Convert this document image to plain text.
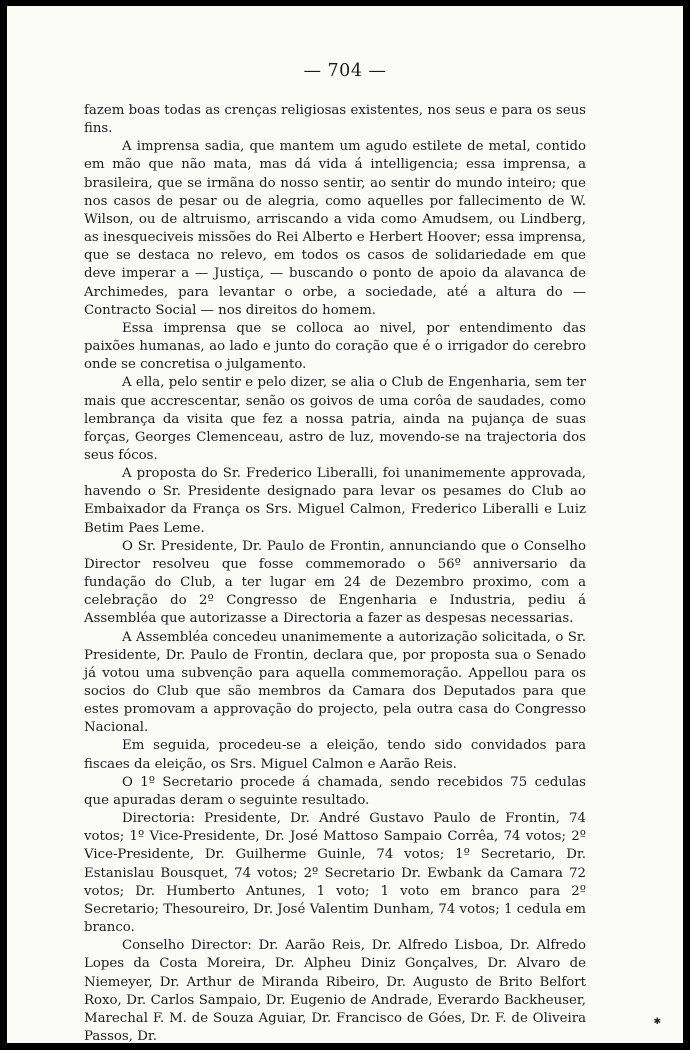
— 704 —

fazem boas todas as crenças religiosas existentes, nos seus e para os seus fins.

A imprensa sadia, que mantem um agudo estilete de metal, contido em mão que não mata, mas dá vida á intelligencia; essa imprensa, a brasileira, que se irmãna do nosso sentir, ao sentir do mundo inteiro; que nos casos de pesar ou de alegria, como aquelles por fallecimento de W. Wilson, ou de altruismo, arriscando a vida como Amudsem, ou Lindberg, as inesqueciveis missões do Rei Alberto e Herbert Hoover; essa imprensa, que se destaca no relevo, em todos os casos de solidariedade em que deve imperar a — Justiça, — buscando o ponto de apoio da alavanca de Archimedes, para levantar o orbe, a sociedade, até a altura do — Contracto Social — nos direitos do homem.

Essa imprensa que se colloca ao nivel, por entendimento das paixões humanas, ao lado e junto do coração que é o irrigador do cerebro onde se concretisa o julgamento.

A ella, pelo sentir e pelo dizer, se alia o Club de Engenharia, sem ter mais que accrescentar, senão os goivos de uma corôa de saudades, como lembrança da visita que fez a nossa patria, ainda na pujança de suas forças, Georges Clemenceau, astro de luz, movendo-se na trajectoria dos seus fócos.

A proposta do Sr. Frederico Liberalli, foi unanimemente approvada, havendo o Sr. Presidente designado para levar os pesames do Club ao Embaixador da França os Srs. Miguel Calmon, Frederico Liberalli e Luiz Betim Paes Leme.

O Sr. Presidente, Dr. Paulo de Frontin, annunciando que o Conselho Director resolveu que fosse commemorado o 56º anniversario da fundação do Club, a ter lugar em 24 de Dezembro proximo, com a celebração do 2º Congresso de Engenharia e Industria, pediu á Assembléa que autorizasse a Directoria a fazer as despesas necessarias.

A Assembléa concedeu unanimemente a autorização solicitada, o Sr. Presidente, Dr. Paulo de Frontin, declara que, por proposta sua o Senado já votou uma subvenção para aquella commemoração. Appellou para os socios do Club que são membros da Camara dos Deputados para que estes promovam a approvação do projecto, pela outra casa do Congresso Nacional.

Em seguida, procedeu-se a eleição, tendo sido convidados para fiscaes da eleição, os Srs. Miguel Calmon e Aarão Reis.

O 1º Secretario procede á chamada, sendo recebidos 75 cedulas que apuradas deram o seguinte resultado.

Directoria: Presidente, Dr. André Gustavo Paulo de Frontin, 74 votos; 1º Vice-Presidente, Dr. José Mattoso Sampaio Corrêa, 74 votos; 2º Vice-Presidente, Dr. Guilherme Guinle, 74 votos; 1º Secretario, Dr. Estanislau Bousquet, 74 votos; 2º Secretario Dr. Ewbank da Camara 72 votos; Dr. Humberto Antunes, 1 voto; 1 voto em branco para 2º Secretario; Thesoureiro, Dr. José Valentim Dunham, 74 votos; 1 cedula em branco.

Conselho Director: Dr. Aarão Reis, Dr. Alfredo Lisboa, Dr. Alfredo Lopes da Costa Moreira, Dr. Alpheu Diniz Gonçalves, Dr. Alvaro de Niemeyer, Dr. Arthur de Miranda Ribeiro, Dr. Augusto de Brito Belfort Roxo, Dr. Carlos Sampaio, Dr. Eugenio de Andrade, Everardo Backheuser, Marechal F. M. de Souza Aguiar, Dr. Francisco de Góes, Dr. F. de Oliveira Passos, Dr.

✱
